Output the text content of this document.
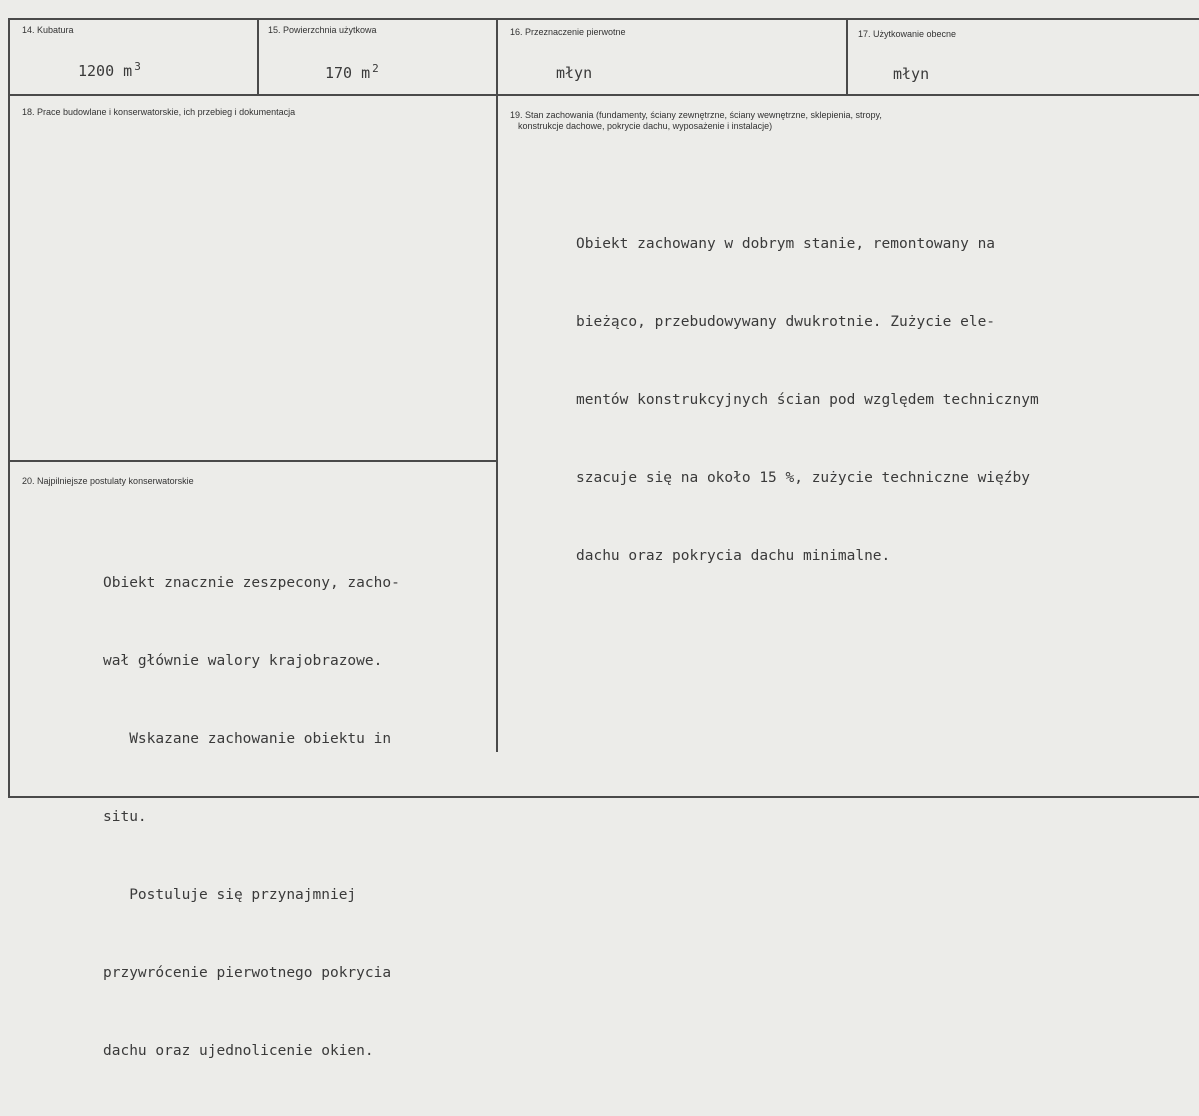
14. Kubatura
1200 m $^3$
15. Powierzchnia użytkowa
170 m $^2$
16. Przeznaczenie pierwotne
młyn
17. Użytkowanie obecne
młyn
18. Prace budowlane i konserwatorskie, ich przebieg i dokumentacja	19. Stan zachowania (fundamenty, ściany zewnętrzne, ściany wewnętrzne, sklepienia, stropy,
konstrukcje dachowe, pokrycie dachu, wyposażenie i instalacje)

Obiekt zachowany w dobrym stanie, remontowany na

bieżąco, przebudowywany dwukrotnie. Zużycie ele-

mentów konstrukcyjnych ścian pod względem technicznym

szacuje się na około 15 %, zużycie techniczne więźby

dachu oraz pokrycia dachu minimalne.

20. Najpilniejsze postulaty konserwatorskie

Obiekt znacznie zeszpecony, zacho-

wał głównie walory krajobrazowe.

Wskazane zachowanie obiektu in

situ.

Postuluje się przynajmniej

przywrócenie pierwotnego pokrycia

dachu oraz ujednolicenie okien.
